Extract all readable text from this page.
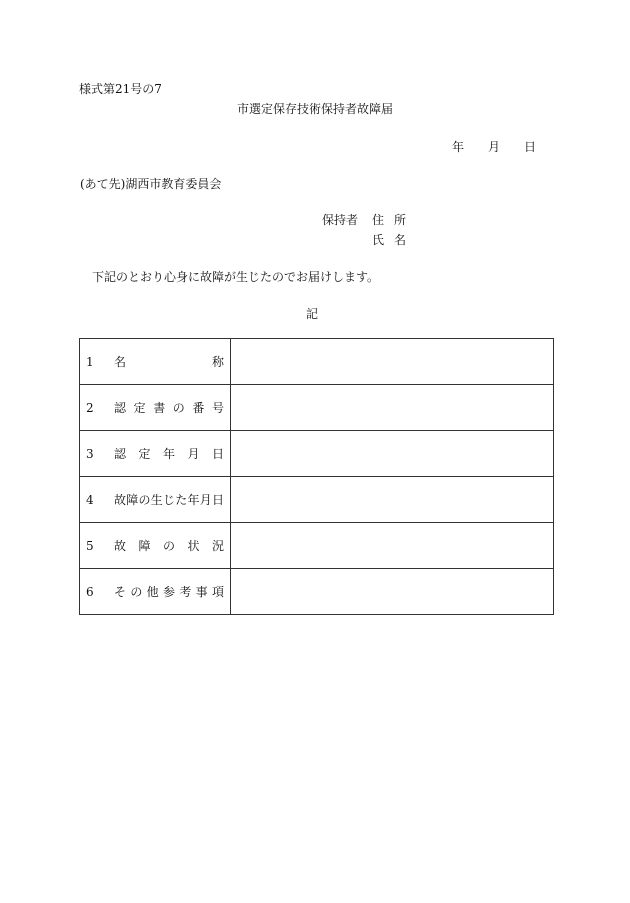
様式第21号の7
市選定保存技術保持者故障届
年 月 日
(あて先)湖西市教育委員会
保持者 住所
氏名
下記のとおり心身に故障が生じたのでお届けします。
記
1 名称	

2 認定書の番号	

3 認定年月日	

4 故障の生じた年月日	

5 故障の状況	

6 その他参考事項	
